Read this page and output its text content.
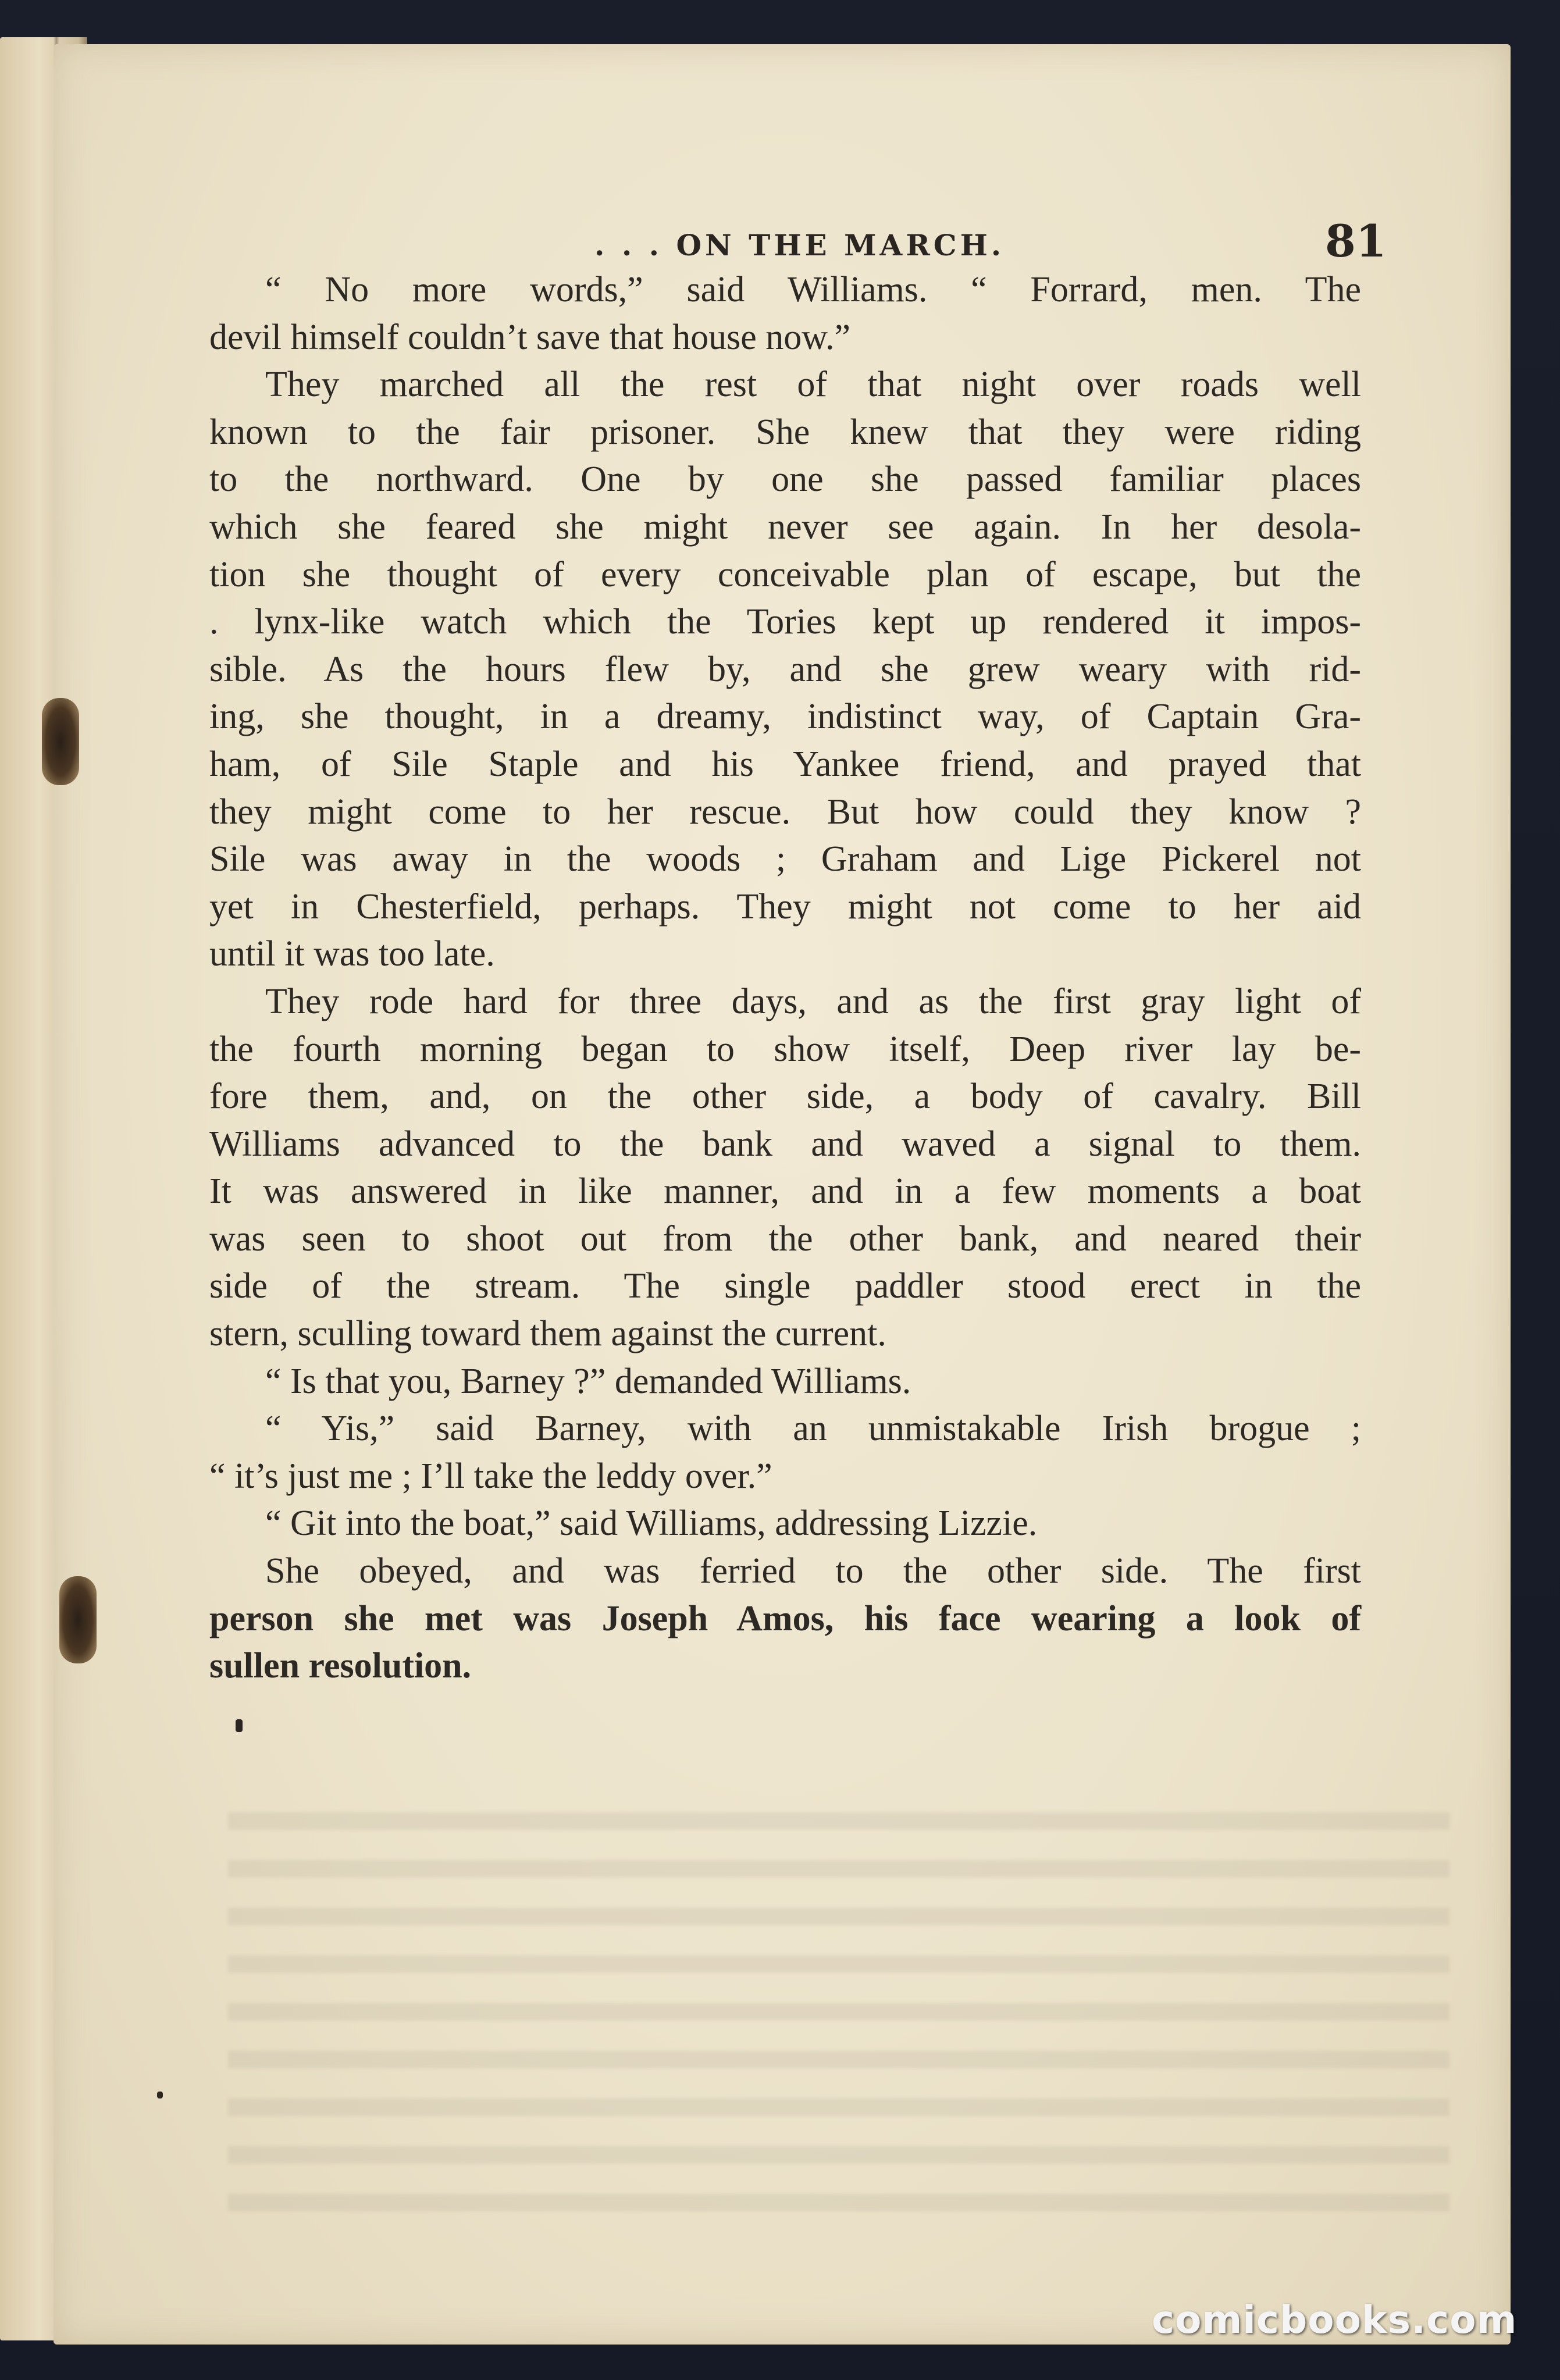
. . . ON THE MARCH.	81
“ No more words,” said Williams. “ Forrard, men. The
devil himself couldn’t save that house now.”
They marched all the rest of that night over roads well
known to the fair prisoner. She knew that they were riding
to the northward. One by one she passed familiar places
which she feared she might never see again. In her desola-
tion she thought of every conceivable plan of escape, but the
. lynx-like watch which the Tories kept up rendered it impos-
sible. As the hours flew by, and she grew weary with rid-
ing, she thought, in a dreamy, indistinct way, of Captain Gra-
ham, of Sile Staple and his Yankee friend, and prayed that
they might come to her rescue. But how could they know ?
Sile was away in the woods ; Graham and Lige Pickerel not
yet in Chesterfield, perhaps. They might not come to her aid
until it was too late.
They rode hard for three days, and as the first gray light of
the fourth morning began to show itself, Deep river lay be-
fore them, and, on the other side, a body of cavalry. Bill
Williams advanced to the bank and waved a signal to them.
It was answered in like manner, and in a few moments a boat
was seen to shoot out from the other bank, and neared their
side of the stream. The single paddler stood erect in the
stern, sculling toward them against the current.
“ Is that you, Barney ?” demanded Williams.
“ Yis,” said Barney, with an unmistakable Irish brogue ;
“ it’s just me ; I’ll take the leddy over.”
“ Git into the boat,” said Williams, addressing Lizzie.
She obeyed, and was ferried to the other side. The first
person she met was Joseph Amos, his face wearing a look of
sullen resolution.
comicbooks.com
